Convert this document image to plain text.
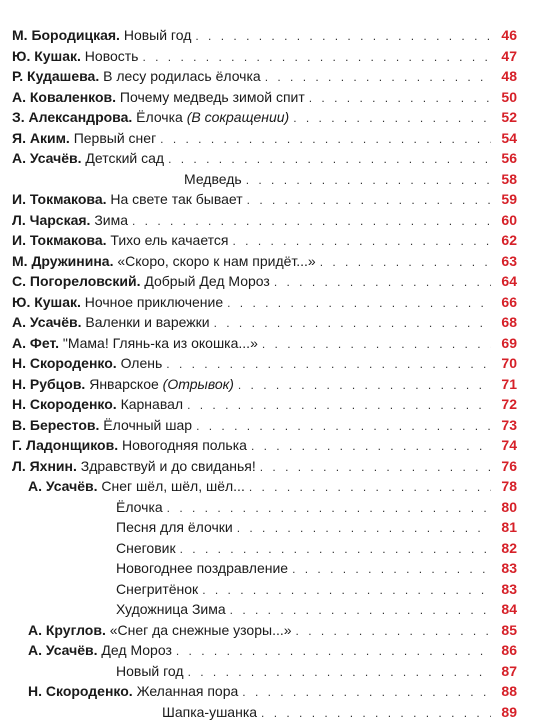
М. Бородицкая. Новый год . . .	46
Ю. Кушак. Новость . . .	47
Р. Кудашева. В лесу родилась ёлочка . . .	48
А. Коваленков. Почему медведь зимой спит . . .	50
З. Александрова. Ёлочка (В сокращении) . . .	52
Я. Аким. Первый снег . . .	54
А. Усачёв. Детский сад . . .	56
Медведь . . .	58
И. Токмакова. На свете так бывает . . .	59
Л. Чарская. Зима . . .	60
И. Токмакова. Тихо ель качается . . .	62
М. Дружинина. «Скоро, скоро к нам придёт...» . . .	63
С. Погореловский. Добрый Дед Мороз . . .	64
Ю. Кушак. Ночное приключение . . .	66
А. Усачёв. Валенки и варежки . . .	68
А. Фет. "Мама! Глянь-ка из окошка...» . . .	69
Н. Скороденко. Олень . . .	70
Н. Рубцов. Январское (Отрывок) . . .	71
Н. Скороденко. Карнавал . . .	72
В. Берестов. Ёлочный шар . . .	73
Г. Ладонщиков. Новогодняя полька . . .	74
Л. Яхнин. Здравствуй и до свиданья! . . .	76
А. Усачёв. Снег шёл, шёл, шёл... . . .	78
Ёлочка . . .	80
Песня для ёлочки . . .	81
Снеговик . . .	82
Новогоднее поздравление . . .	83
Снегритёнок . . .	83
Художница Зима . . .	84
А. Круглов. «Снег да снежные узоры...» . . .	85
А. Усачёв. Дед Мороз . . .	86
Новый год . . .	87
Н. Скороденко. Желанная пора . . .	88
Шапка-ушанка . . .	89
